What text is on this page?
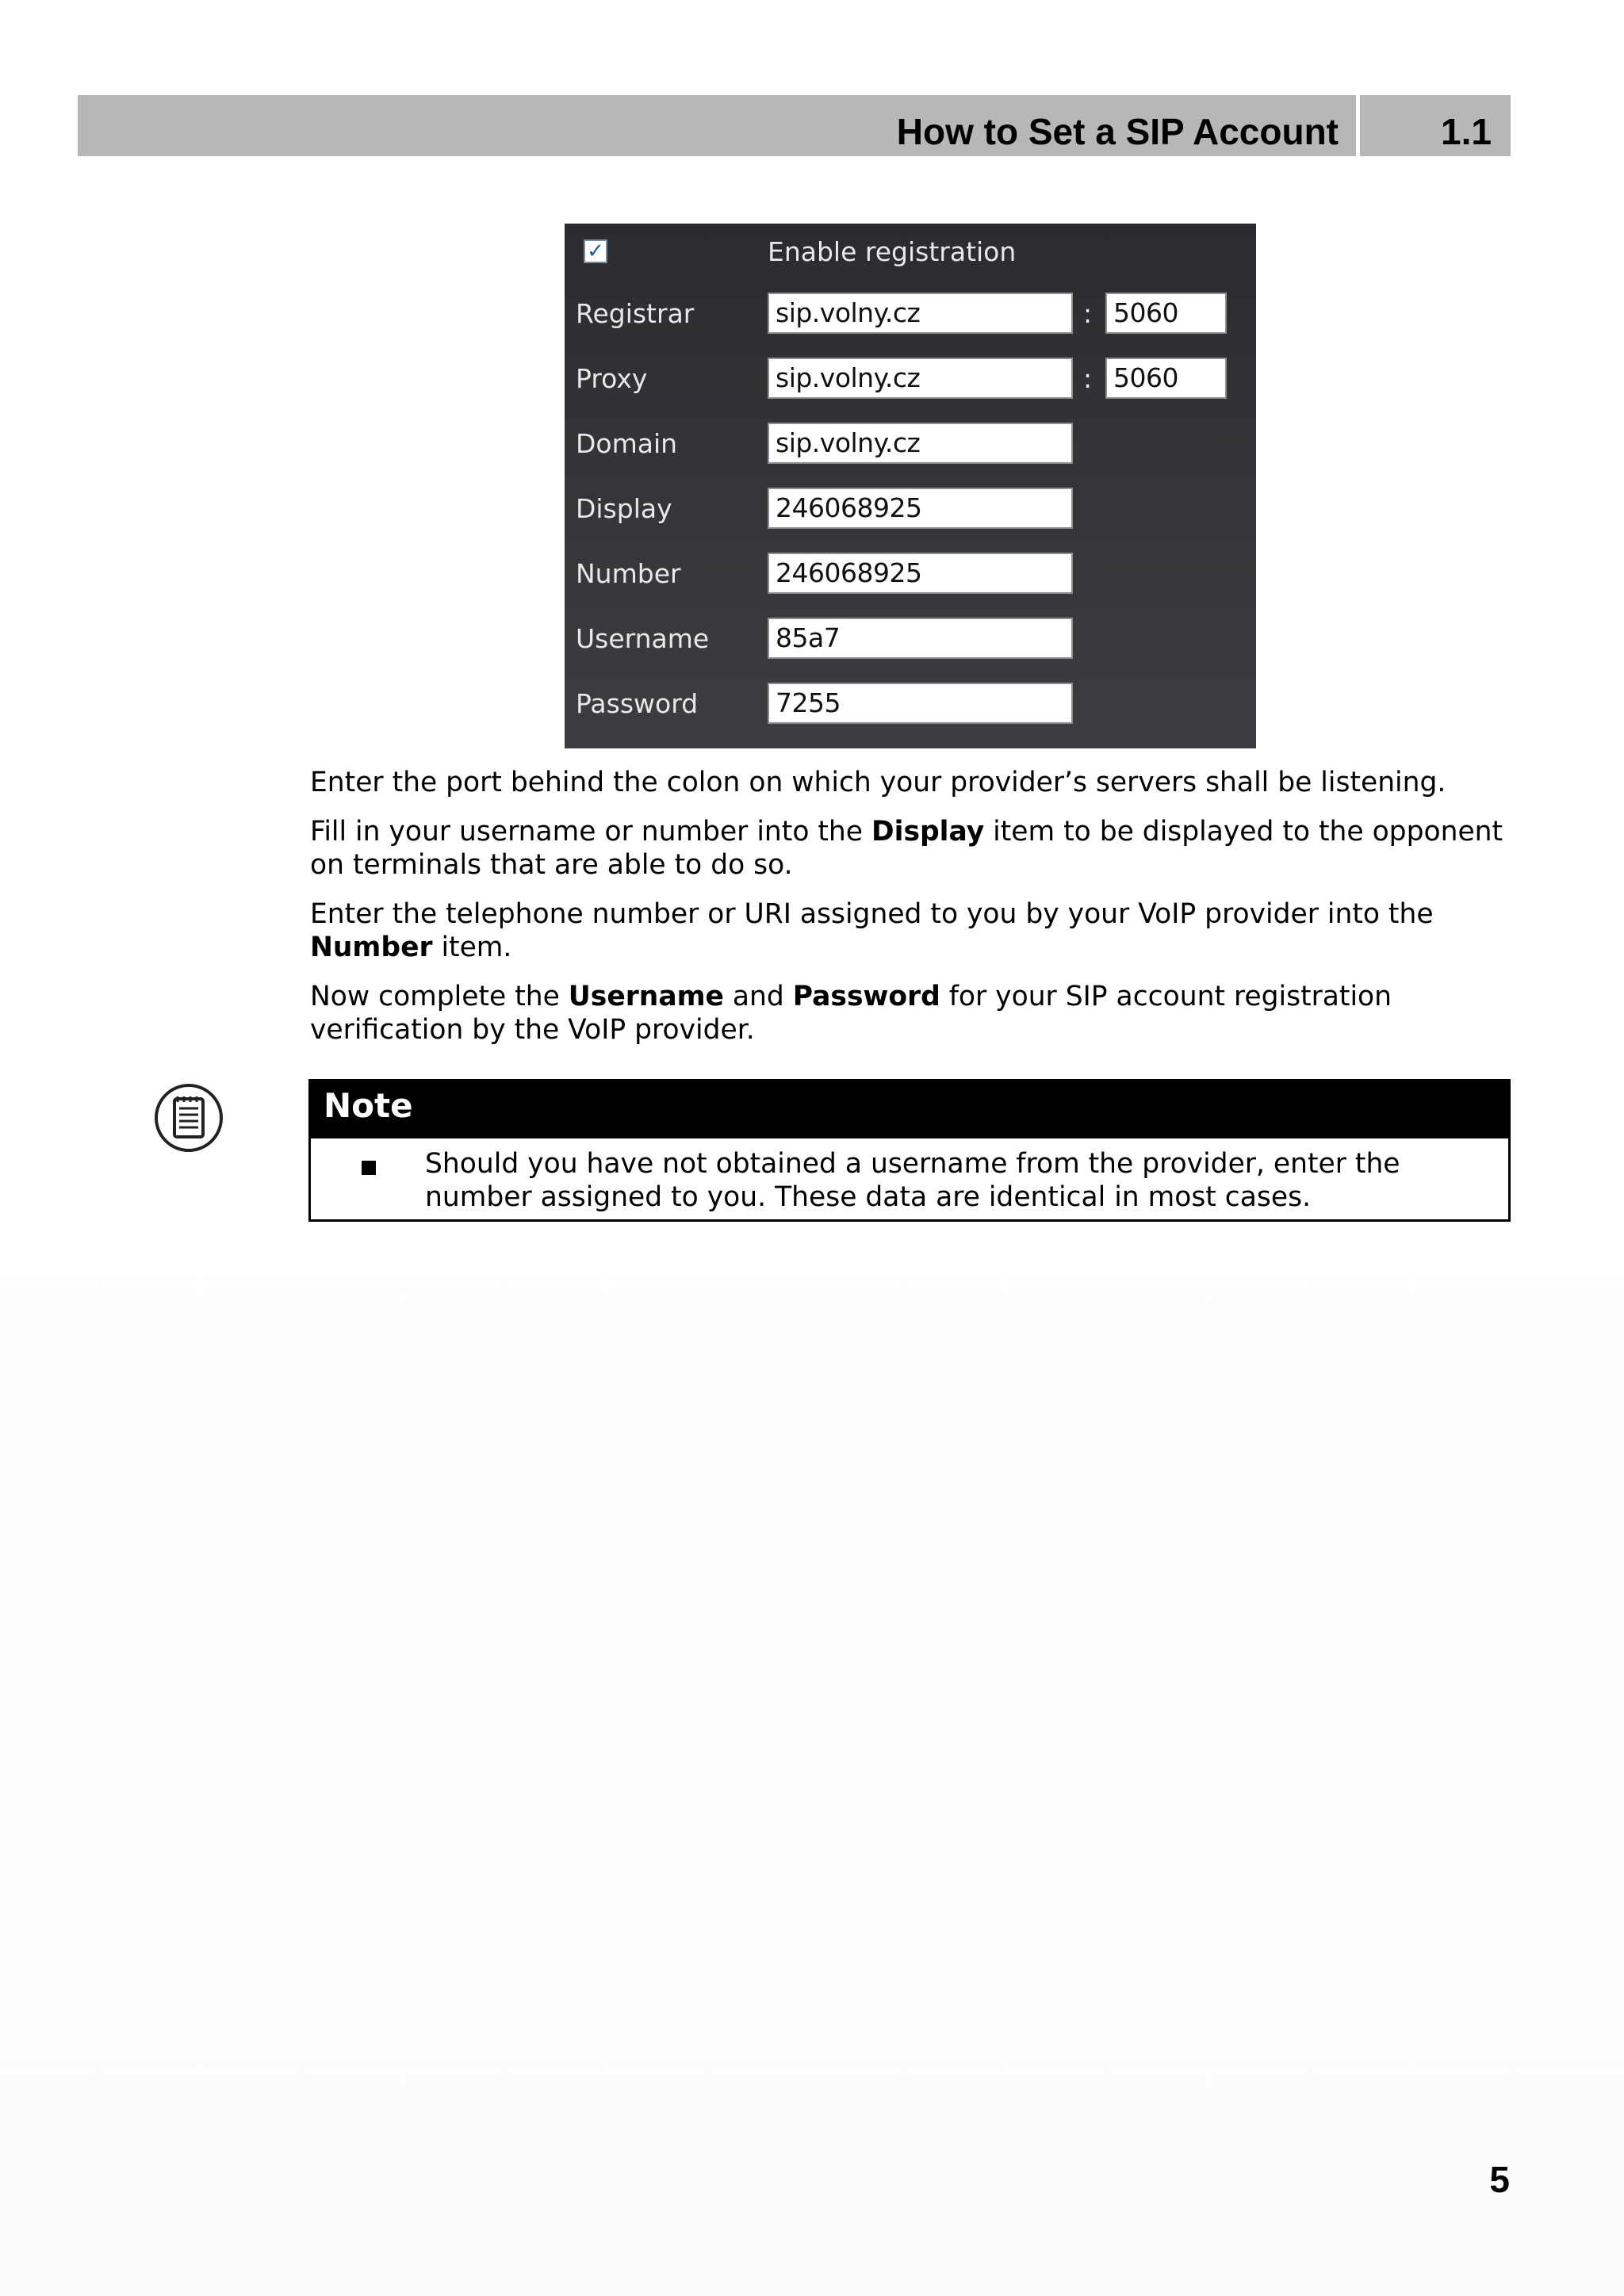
How to Set a SIP Account	1.1
✓	Enable registration
Registrar	sip.volny.cz	: 5060
Proxy	sip.volny.cz	: 5060
Domain	sip.volny.cz
Display	246068925
Number	246068925
Username	85a7
Password	7255
Enter the port behind the colon on which your provider’s servers shall be listening.
Fill in your username or number into the Display item to be displayed to the opponent on terminals that are able to do so.
Enter the telephone number or URI assigned to you by your VoIP provider into the Number item.
Now complete the Username and Password for your SIP account registration verification by the VoIP provider.
Note
Should you have not obtained a username from the provider, enter the number assigned to you. These data are identical in most cases.
5
